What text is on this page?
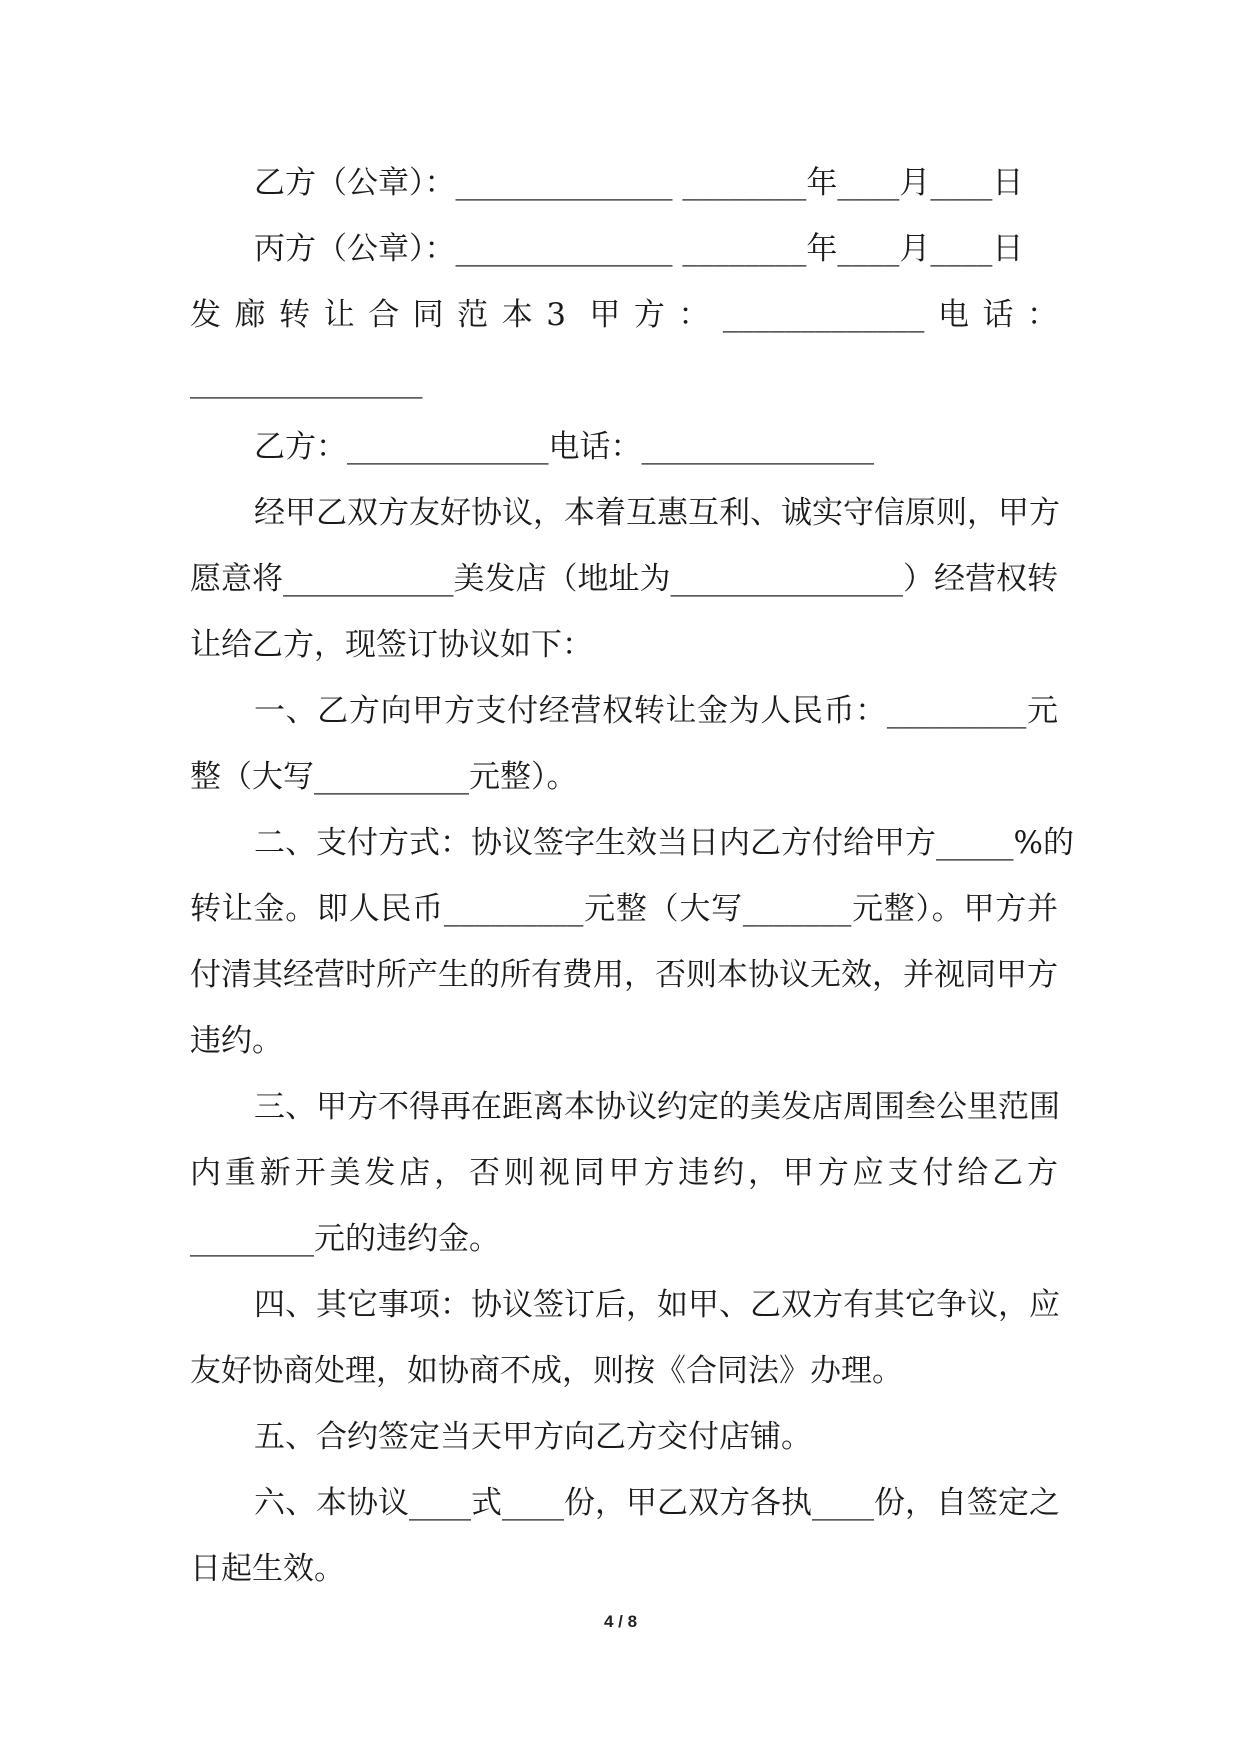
乙方（公章）：______________ ________年____月____日

丙方（公章）：______________ ________年____月____日

发廊转让合同范本3 甲方：_____________电话：

_______________

乙方：_____________电话：_______________

经甲乙双方友好协议，本着互惠互利、诚实守信原则，甲方

愿意将___________美发店（地址为_______________）经营权转

让给乙方，现签订协议如下：

一、乙方向甲方支付经营权转让金为人民币：_________元

整（大写__________元整）。

二、支付方式：协议签字生效当日内乙方付给甲方_____%的

转让金。即人民币_________元整（大写_______元整）。甲方并

付清其经营时所产生的所有费用，否则本协议无效，并视同甲方

违约。

三、甲方不得再在距离本协议约定的美发店周围叁公里范围

内重新开美发店，否则视同甲方违约，甲方应支付给乙方

________元的违约金。

四、其它事项：协议签订后，如甲、乙双方有其它争议，应

友好协商处理，如协商不成，则按《合同法》办理。

五、合约签定当天甲方向乙方交付店铺。

六、本协议____式____份，甲乙双方各执____份，自签定之

日起生效。

4 / 8
